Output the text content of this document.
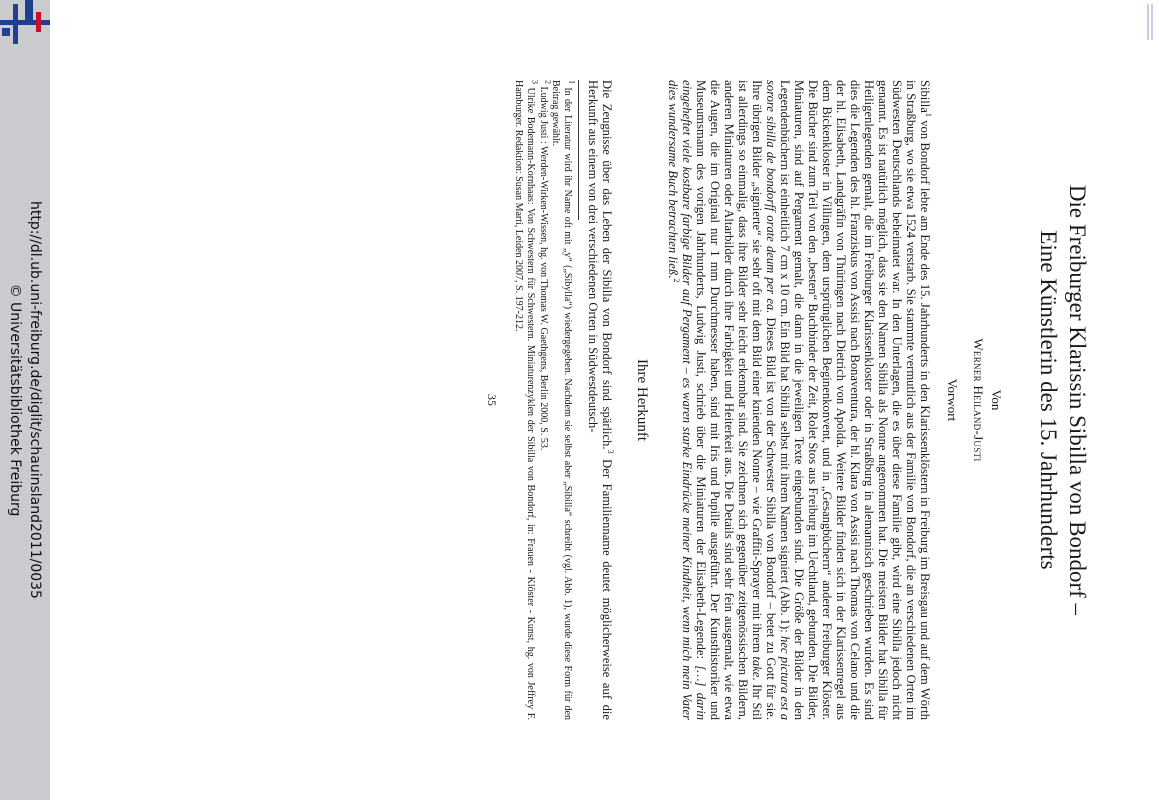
http://dl.ub.uni-freiburg.de/diglit/schauinsland2011/0035
© Universitätsbibliothek Freiburg	Die Freiburger Klarissin Sibilla von Bondorf –
Eine Künstlerin des 15. Jahrhunderts
Von
Werner Heiland-Justi
Vorwort

Sibilla$^1$ von Bondorf lebte am Ende des 15. Jahrhunderts in den Klarissenklöstern in Freiburg im Breisgau und auf dem Wörth in Straßburg, wo sie etwa 1524 verstarb. Sie stammte vermutlich aus der Familie von Bondorf, die an verschiedenen Orten im Südwesten Deutschlands beheimatet war. In den Unterlagen, die es über diese Familie gibt, wird eine Sibilla jedoch nicht genannt. Es ist natürlich möglich, dass sie den Namen Sibilla als Nonne angenommen hat. Die meisten Bilder hat Sibilla für Heiligenlegenden gemalt, die im Freiburger Klarissenkloster oder in Straßburg in alemannisch geschrieben wurden. Es sind dies die Legenden des hl. Franziskus von Assisi nach Bonaventura, der hl. Klara von Assisi nach Thomas von Celano und die der hl. Elisabeth, Landgräfin von Thüringen nach Dietrich von Apolda. Weitere Bilder finden sich in der Klarissenregel aus dem Bickenkloster in Villingen, dem ursprünglichen Beginenkonvent, und in „Gesangbüchern“ anderer Freiburger Klöster. Die Bücher sind zum Teil von den „besten“ Buchbinder der Zeit, Rolet Stos aus Freiburg im Uechtland, gebunden. Die Bilder, Miniaturen, sind auf Pergament gemalt, die dann in die jeweiligen Texte eingebunden sind. Die Größe der Bilder in den Legendenbüchern ist einheitlich 7 cm x 10 cm. Ein Bild hat Sibilla selbst mit ihrem Namen signiert (Abb. 1): hec pictura est a sorore sibilla de bondorff orate deum per ea. Dieses Bild ist von der Schwester Sibilla von Bondorf – betet zu Gott für sie. Ihre übrigen Bilder „signierte“ sie sehr oft mit dem Bild einer knienden Nonne – wie Graffiti-Sprayer mit ihrem take. Ihr Stil ist allerdings so einmalig, dass ihre Bilder sehr leicht erkennbar sind. Sie zeichnen sich gegenüber zeitgenössischen Bildern, anderen Miniaturen oder Altarbilder durch ihre Farbigkeit und Heiterkeit aus. Die Details sind sehr fein ausgemalt, wie etwa die Augen, die im Original nur 1 mm Durchmesser haben, sind mit Iris und Pupille ausgeführt. Der Kunsthistoriker und Museumsmann des vorigen Jahrhunderts, Ludwig Justi, schrieb über die Miniaturen der Elisabeth-Legende: […] darin eingeheftet viele kostbare farbige Bilder auf Pergament – es waren starke Eindrücke meiner Kindheit, wenn mich mein Vater dies wundersame Buch betrachten ließ.$^2$

Ihre Herkunft

Die Zeugnisse über das Leben der Sibilla von Bondorf sind spärlich.$^3$ Der Familienname deutet möglicherweise auf die Herkunft aus einem von drei verschiedenen Orten in Südwestdeutsch-

$^1$ In der Literatur wird ihr Name oft mit „y“ („Sibylla“) wiedergegeben. Nachdem sie selbst aber „Sibilla“ schreibt (vgl. Abb. 1), wurde diese Form für den Beitrag gewählt.
$^2$ Ludwig Justi : Werden-Wirken-Wissen, hg. von Thomas W. Gaethgens, Berlin 2000, S. 53.
$^3$ Ulrike Bodemann-Kornhaas: Von Schwestern für Schwestern. Miniaturenzyklen der Sibilla von Bondorf, in: Frauen - Klöster - Kunst, hg. von Jeffrey F. Hamburger. Redaktion: Susan Marti, Leiden 2007, S. 197-212.
35
